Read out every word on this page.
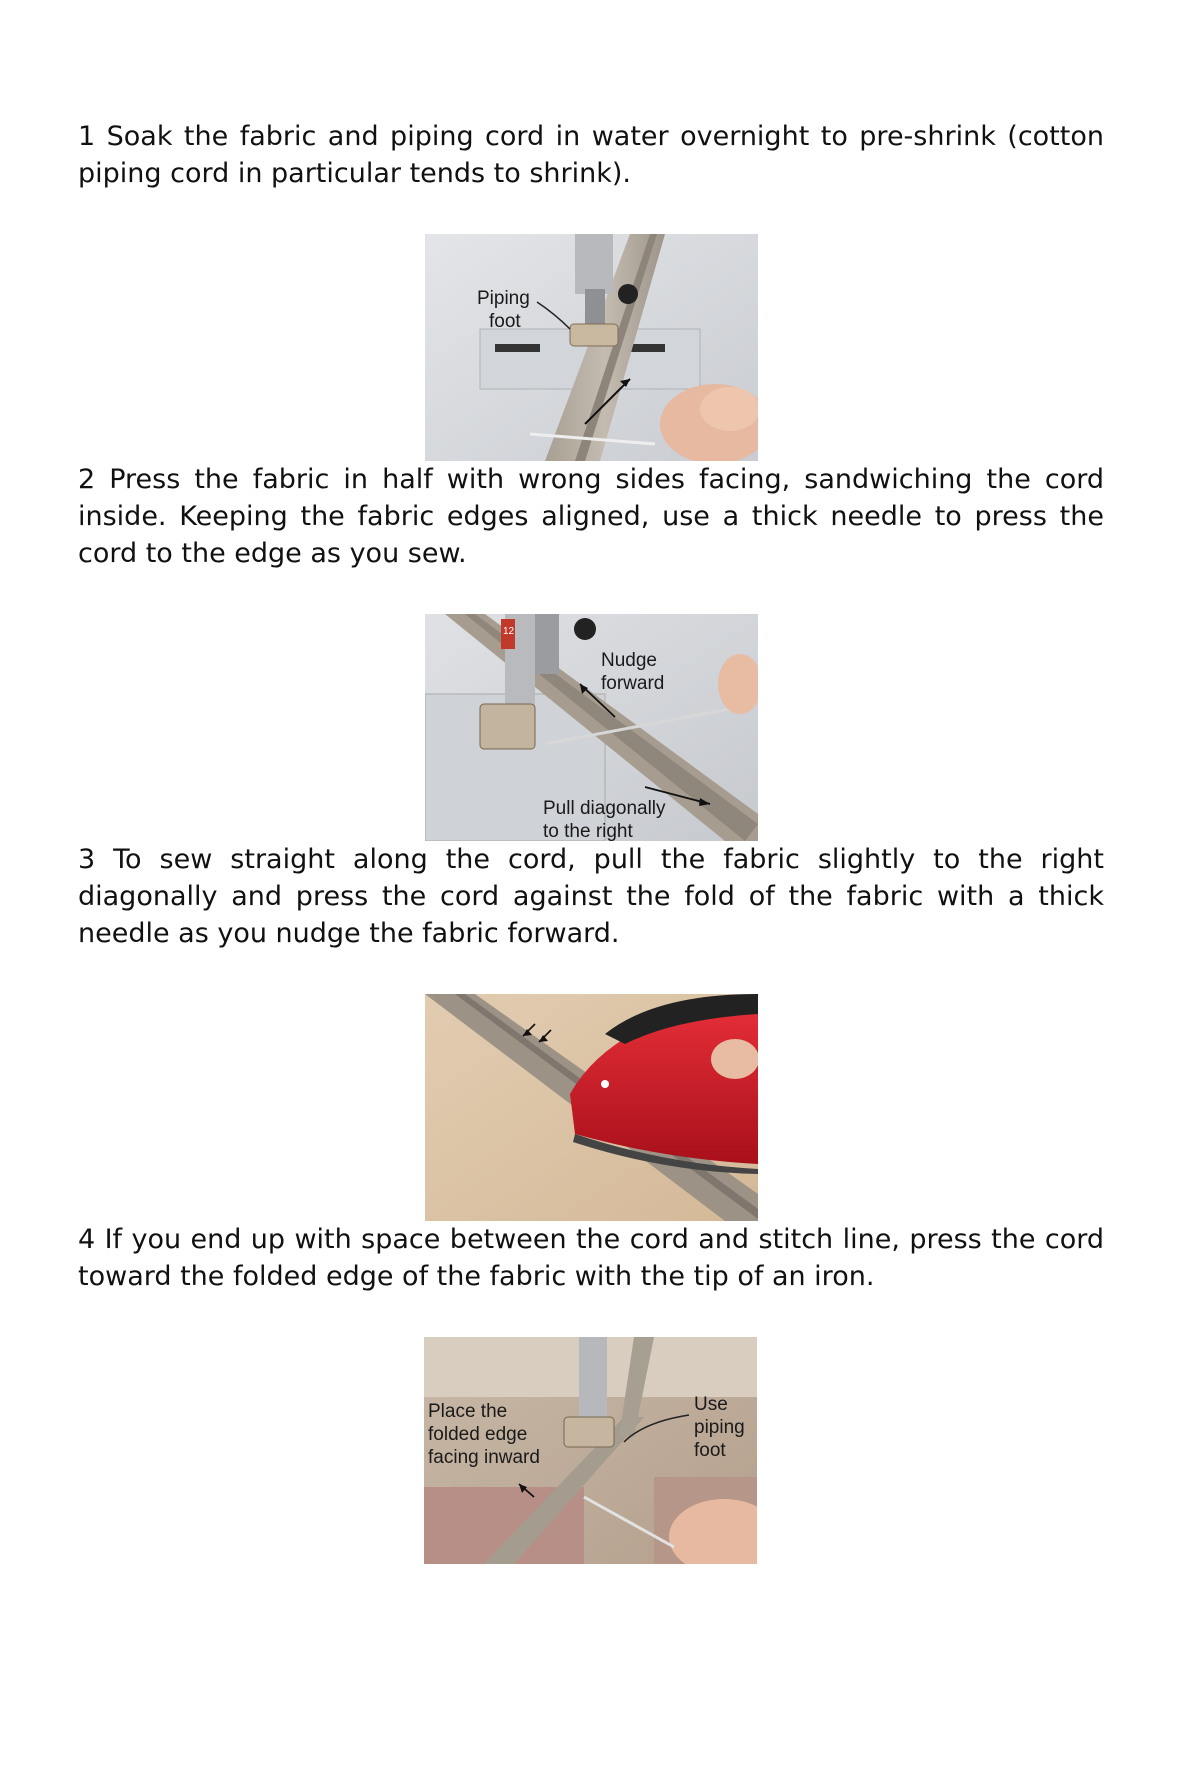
1 Soak the fabric and piping cord in water overnight to pre-shrink (cotton piping cord in particular tends to shrink).

Piping
foot

2 Press the fabric in half with wrong sides facing, sandwiching the cord inside. Keeping the fabric edges aligned, use a thick needle to press the cord to the edge as you sew.

12
Nudge
forward
Pull diagonally
to the right

3 To sew straight along the cord, pull the fabric slightly to the right diagonally and press the cord against the fold of the fabric with a thick needle as you nudge the fabric forward.

4 If you end up with space between the cord and stitch line, press the cord toward the folded edge of the fabric with the tip of an iron.

Place the
folded edge
facing inward
Use
piping
foot
